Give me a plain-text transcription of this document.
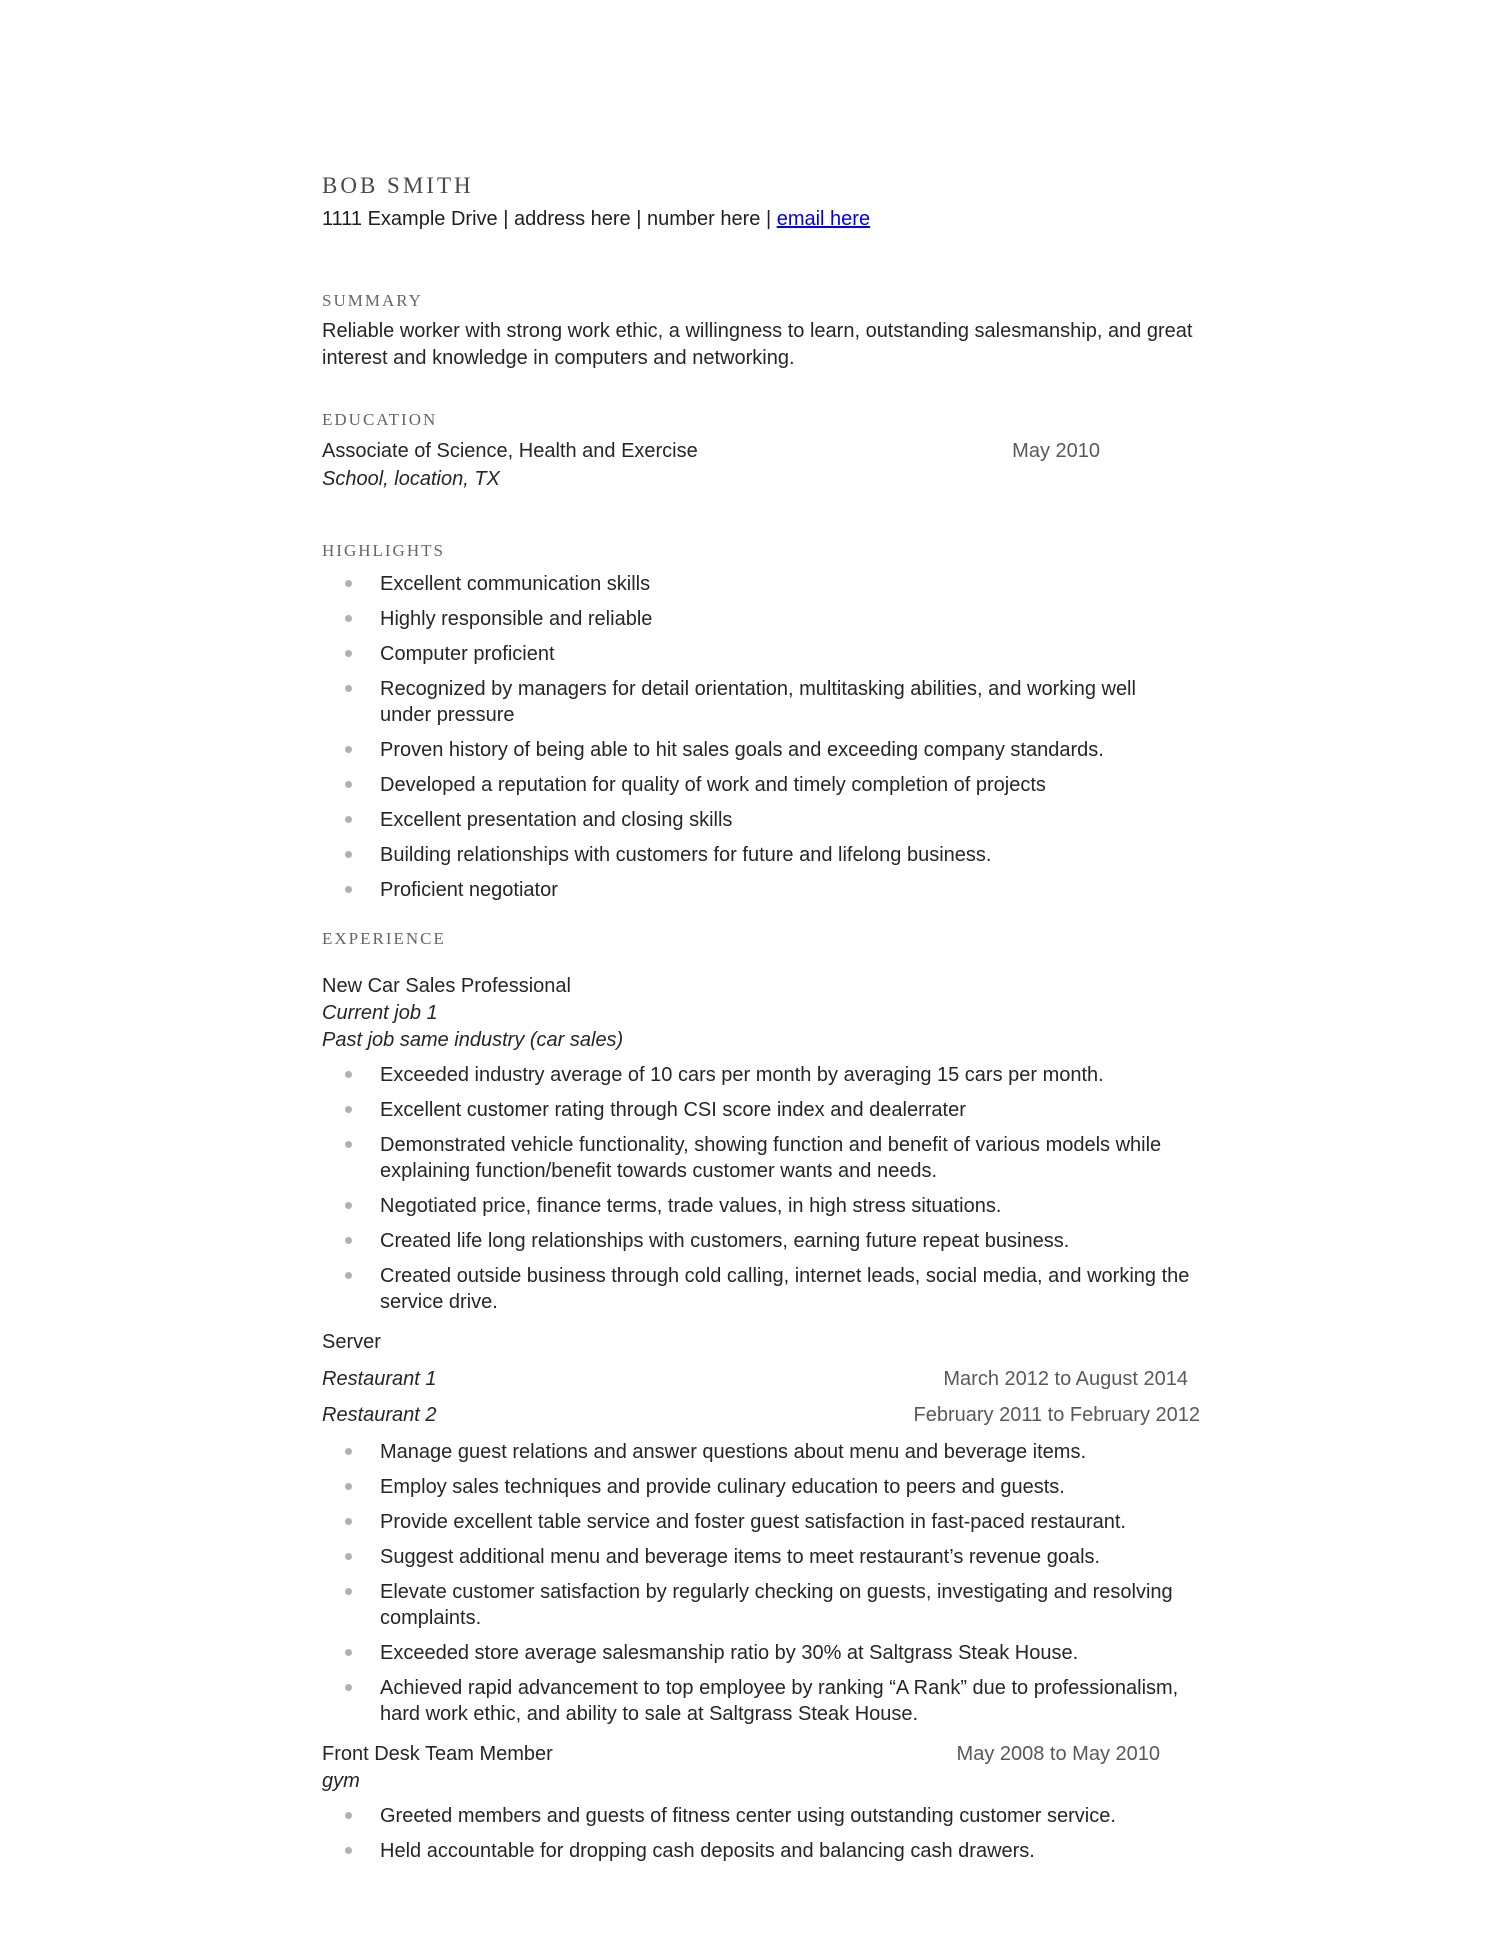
BOB SMITH
1111 Example Drive | address here | number here | email here
SUMMARY
Reliable worker with strong work ethic, a willingness to learn, outstanding salesmanship, and great interest and knowledge in computers and networking.
EDUCATION
Associate of Science, Health and Exercise	May 2010
School, location, TX
HIGHLIGHTS
Excellent communication skills
Highly responsible and reliable
Computer proficient
Recognized by managers for detail orientation, multitasking abilities, and working well under pressure
Proven history of being able to hit sales goals and exceeding company standards.
Developed a reputation for quality of work and timely completion of projects
Excellent presentation and closing skills
Building relationships with customers for future and lifelong business.
Proficient negotiator
EXPERIENCE
New Car Sales Professional
Current job 1
Past job same industry (car sales)
Exceeded industry average of 10 cars per month by averaging 15 cars per month.
Excellent customer rating through CSI score index and dealerrater
Demonstrated vehicle functionality, showing function and benefit of various models while explaining function/benefit towards customer wants and needs.
Negotiated price, finance terms, trade values, in high stress situations.
Created life long relationships with customers, earning future repeat business.
Created outside business through cold calling, internet leads, social media, and working the service drive.
Server
Restaurant 1	March 2012 to August 2014
Restaurant 2	February 2011 to February 2012
Manage guest relations and answer questions about menu and beverage items.
Employ sales techniques and provide culinary education to peers and guests.
Provide excellent table service and foster guest satisfaction in fast-paced restaurant.
Suggest additional menu and beverage items to meet restaurant’s revenue goals.
Elevate customer satisfaction by regularly checking on guests, investigating and resolving complaints.
Exceeded store average salesmanship ratio by 30% at Saltgrass Steak House.
Achieved rapid advancement to top employee by ranking “A Rank” due to professionalism, hard work ethic, and ability to sale at Saltgrass Steak House.
Front Desk Team Member	May 2008 to May 2010
gym
Greeted members and guests of fitness center using outstanding customer service.
Held accountable for dropping cash deposits and balancing cash drawers.
